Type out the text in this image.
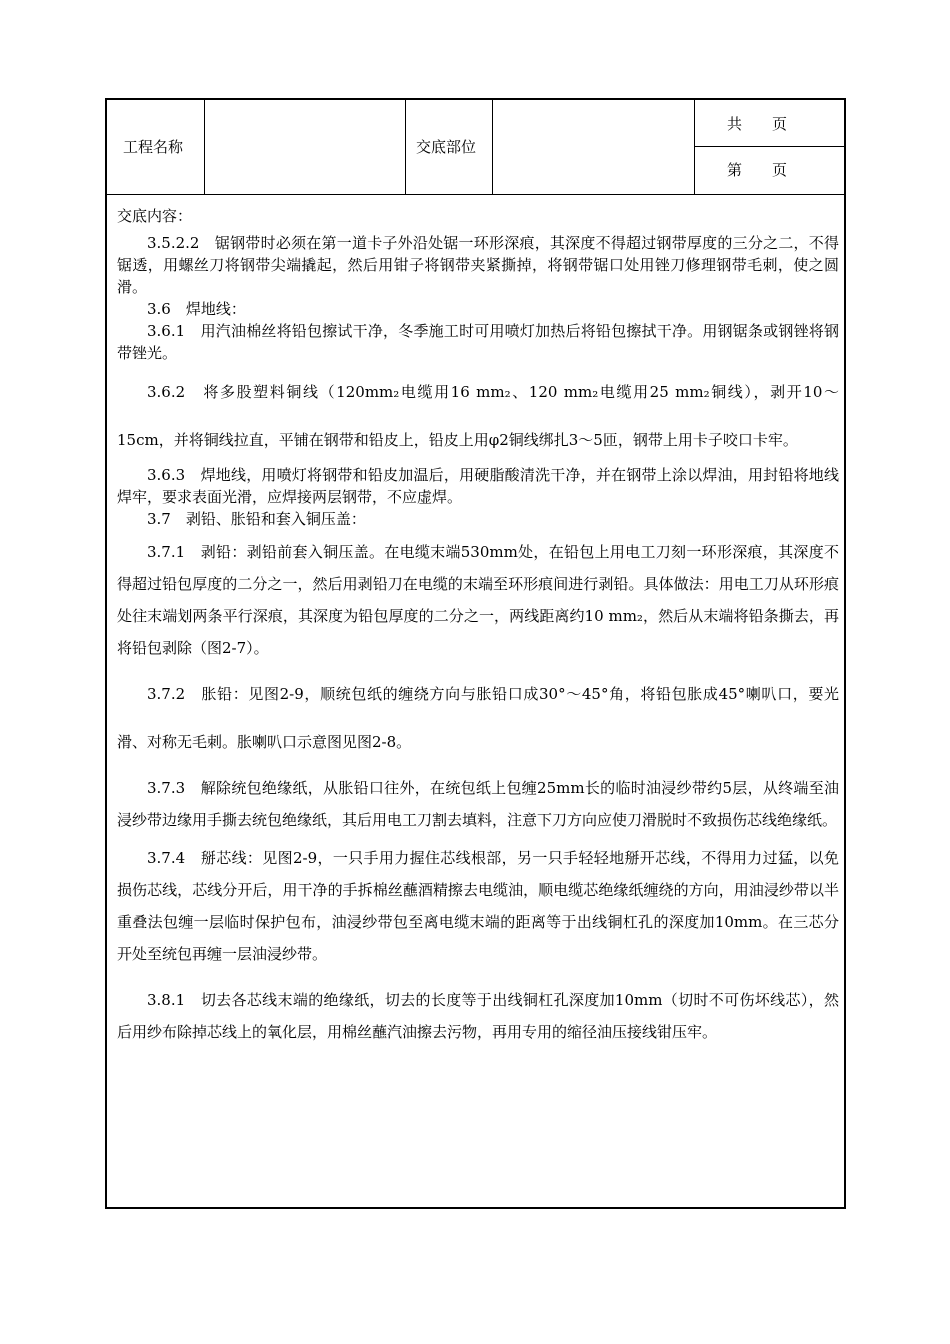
工程名称	交底部位
共　　页
第　　页

交底内容：

3.5.2.2　锯钢带时必须在第一道卡子外沿处锯一环形深痕，其深度不得超过钢带厚度的三分之二，不得锯透，用螺丝刀将钢带尖端撬起，然后用钳子将钢带夹紧撕掉，将钢带锯口处用锉刀修理钢带毛刺，使之圆滑。

3.6　焊地线：

3.6.1　用汽油棉丝将铅包擦试干净，冬季施工时可用喷灯加热后将铅包擦拭干净。用钢锯条或钢锉将钢带锉光。

3.6.2　将多股塑料铜线（120mm₂电缆用16 mm₂、120 mm₂电缆用25 mm₂铜线），剥开10～15cm，并将铜线拉直，平铺在钢带和铅皮上，铅皮上用φ2铜线绑扎3～5匝，钢带上用卡子咬口卡牢。

3.6.3　焊地线，用喷灯将钢带和铅皮加温后，用硬脂酸清洗干净，并在钢带上涂以焊油，用封铅将地线焊牢，要求表面光滑，应焊接两层钢带，不应虚焊。

3.7　剥铅、胀铅和套入铜压盖：

3.7.1　剥铅：剥铅前套入铜压盖。在电缆末端530mm处，在铅包上用电工刀刻一环形深痕，其深度不得超过铅包厚度的二分之一，然后用剥铅刀在电缆的末端至环形痕间进行剥铅。具体做法：用电工刀从环形痕处往末端划两条平行深痕，其深度为铅包厚度的二分之一，两线距离约10 mm₂，然后从末端将铅条撕去，再将铅包剥除（图2-7）。

3.7.2　胀铅：见图2-9，顺统包纸的缠绕方向与胀铅口成30°～45°角，将铅包胀成45°喇叭口，要光滑、对称无毛刺。胀喇叭口示意图见图2-8。

3.7.3　解除统包绝缘纸，从胀铅口往外，在统包纸上包缠25mm长的临时油浸纱带约5层，从终端至油浸纱带边缘用手撕去统包绝缘纸，其后用电工刀割去填料，注意下刀方向应使刀滑脱时不致损伤芯线绝缘纸。

3.7.4　掰芯线：见图2-9，一只手用力握住芯线根部，另一只手轻轻地掰开芯线，不得用力过猛，以免损伤芯线，芯线分开后，用干净的手拆棉丝蘸酒精擦去电缆油，顺电缆芯绝缘纸缠绕的方向，用油浸纱带以半重叠法包缠一层临时保护包布，油浸纱带包至离电缆末端的距离等于出线铜杠孔的深度加10mm。在三芯分开处至统包再缠一层油浸纱带。

3.8.1　切去各芯线末端的绝缘纸，切去的长度等于出线铜杠孔深度加10mm（切时不可伤坏线芯），然后用纱布除掉芯线上的氧化层，用棉丝蘸汽油擦去污物，再用专用的缩径油压接线钳压牢。
